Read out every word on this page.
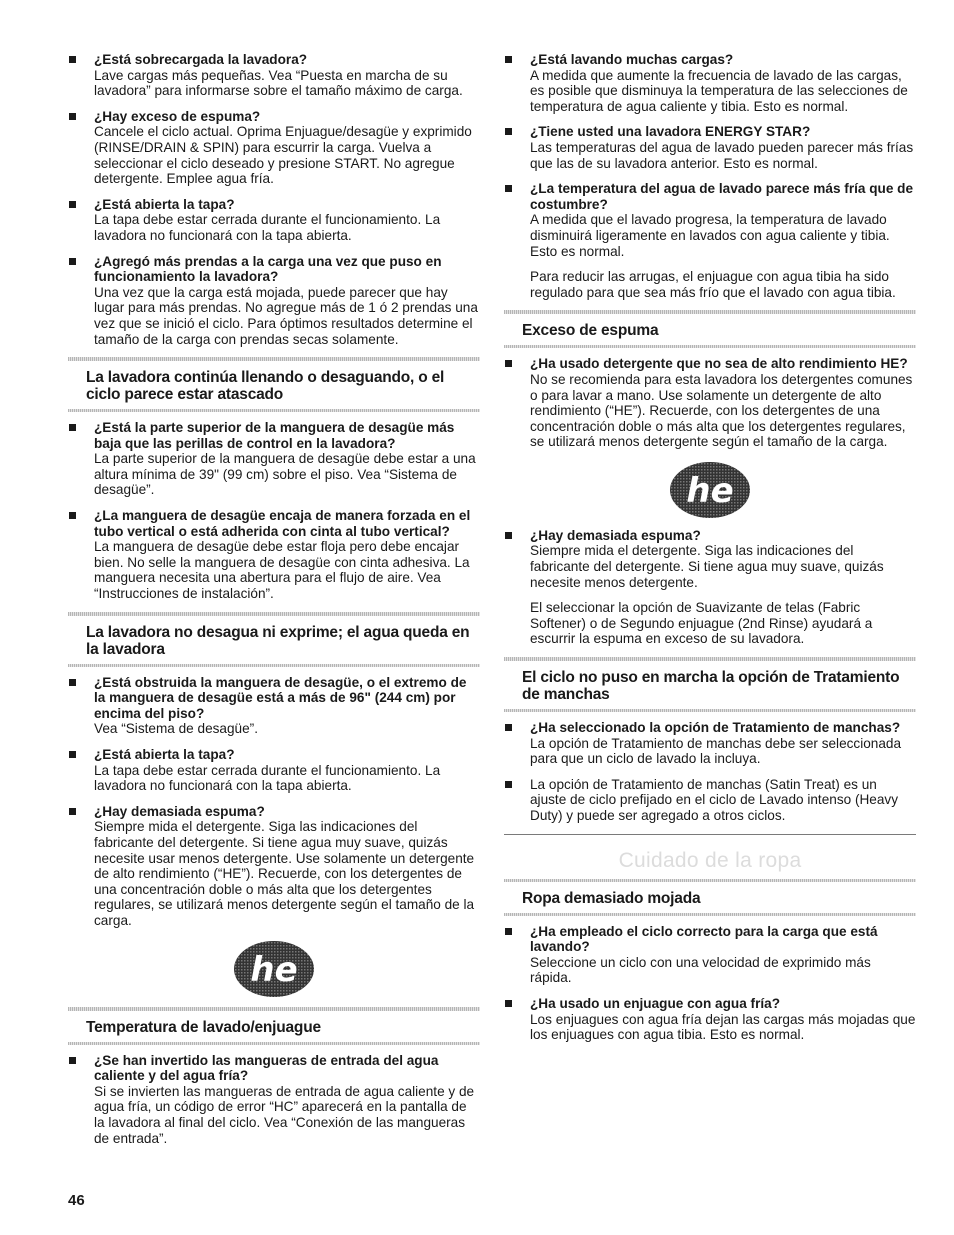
¿Está sobrecargada la lavadora?
Lave cargas más pequeñas. Vea “Puesta en marcha de su lavadora” para informarse sobre el tamaño máximo de carga.
¿Hay exceso de espuma?
Cancele el ciclo actual. Oprima Enjuague/desagüe y exprimido (RINSE/DRAIN & SPIN) para escurrir la carga. Vuelva a seleccionar el ciclo deseado y presione START. No agregue detergente. Emplee agua fría.
¿Está abierta la tapa?
La tapa debe estar cerrada durante el funcionamiento. La lavadora no funcionará con la tapa abierta.
¿Agregó más prendas a la carga una vez que puso en funcionamiento la lavadora?
Una vez que la carga está mojada, puede parecer que hay lugar para más prendas. No agregue más de 1 ó 2 prendas una vez que se inició el ciclo. Para óptimos resultados determine el tamaño de la carga con prendas secas solamente.
La lavadora continúa llenando o desaguando, o el ciclo parece estar atascado
¿Está la parte superior de la manguera de desagüe más baja que las perillas de control en la lavadora?
La parte superior de la manguera de desagüe debe estar a una altura mínima de 39" (99 cm) sobre el piso. Vea “Sistema de desagüe”.
¿La manguera de desagüe encaja de manera forzada en el tubo vertical o está adherida con cinta al tubo vertical?
La manguera de desagüe debe estar floja pero debe encajar bien. No selle la manguera de desagüe con cinta adhesiva. La manguera necesita una abertura para el flujo de aire. Vea “Instrucciones de instalación”.
La lavadora no desagua ni exprime; el agua queda en la lavadora
¿Está obstruida la manguera de desagüe, o el extremo de la manguera de desagüe está a más de 96" (244 cm) por encima del piso?
Vea “Sistema de desagüe”.
¿Está abierta la tapa?
La tapa debe estar cerrada durante el funcionamiento. La lavadora no funcionará con la tapa abierta.
¿Hay demasiada espuma?
Siempre mida el detergente. Siga las indicaciones del fabricante del detergente. Si tiene agua muy suave, quizás necesite usar menos detergente. Use solamente un detergente de alto rendimiento (“HE”). Recuerde, con los detergentes de una concentración doble o más alta que los detergentes regulares, se utilizará menos detergente según el tamaño de la carga.
he
Temperatura de lavado/enjuague
¿Se han invertido las mangueras de entrada del agua caliente y del agua fría?
Si se invierten las mangueras de entrada de agua caliente y de agua fría, un código de error “HC” aparecerá en la pantalla de la lavadora al final del ciclo. Vea “Conexión de las mangueras de entrada”.
¿Está lavando muchas cargas?
A medida que aumente la frecuencia de lavado de las cargas, es posible que disminuya la temperatura de las selecciones de temperatura de agua caliente y tibia. Esto es normal.
¿Tiene usted una lavadora ENERGY STAR?
Las temperaturas del agua de lavado pueden parecer más frías que las de su lavadora anterior. Esto es normal.
¿La temperatura del agua de lavado parece más fría que de costumbre?
A medida que el lavado progresa, la temperatura de lavado disminuirá ligeramente en lavados con agua caliente y tibia. Esto es normal.
Para reducir las arrugas, el enjuague con agua tibia ha sido regulado para que sea más frío que el lavado con agua tibia.
Exceso de espuma
¿Ha usado detergente que no sea de alto rendimiento HE?
No se recomienda para esta lavadora los detergentes comunes o para lavar a mano. Use solamente un detergente de alto rendimiento (“HE”). Recuerde, con los detergentes de una concentración doble o más alta que los detergentes regulares, se utilizará menos detergente según el tamaño de la carga.
he
¿Hay demasiada espuma?
Siempre mida el detergente. Siga las indicaciones del fabricante del detergente. Si tiene agua muy suave, quizás necesite menos detergente.
El seleccionar la opción de Suavizante de telas (Fabric Softener) o de Segundo enjuague (2nd Rinse) ayudará a escurrir la espuma en exceso de su lavadora.
El ciclo no puso en marcha la opción de Tratamiento de manchas
¿Ha seleccionado la opción de Tratamiento de manchas?
La opción de Tratamiento de manchas debe ser seleccionada para que un ciclo de lavado la incluya.
La opción de Tratamiento de manchas (Satin Treat) es un ajuste de ciclo prefijado en el ciclo de Lavado intenso (Heavy Duty) y puede ser agregado a otros ciclos.
Cuidado de la ropa
Ropa demasiado mojada
¿Ha empleado el ciclo correcto para la carga que está lavando?
Seleccione un ciclo con una velocidad de exprimido más rápida.
¿Ha usado un enjuague con agua fría?
Los enjuagues con agua fría dejan las cargas más mojadas que los enjuagues con agua tibia. Esto es normal.
46
